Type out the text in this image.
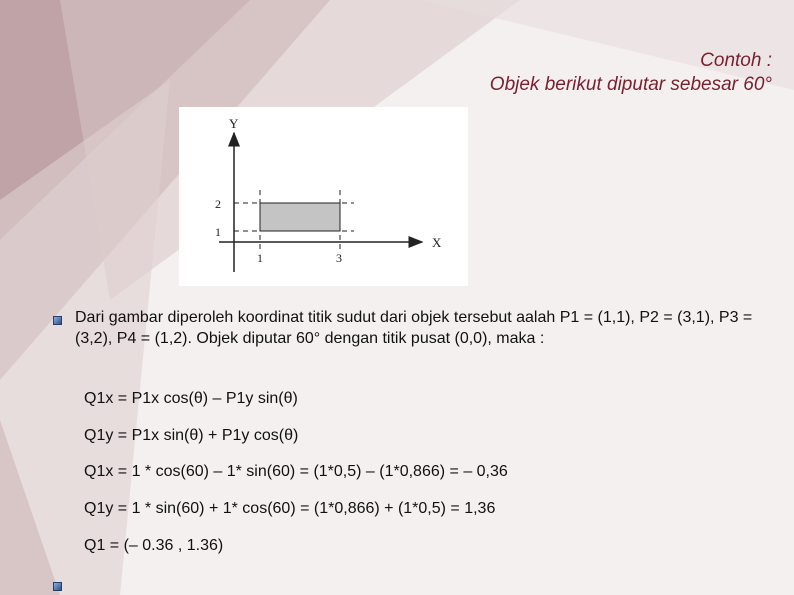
Contoh :
Objek berikut diputar sebesar 60°
Y
X
2
1
1	3
Dari gambar diperoleh koordinat titik sudut dari objek tersebut aalah P1 = (1,1), P2 = (3,1), P3 = (3,2), P4 = (1,2). Objek diputar 60° dengan titik pusat (0,0), maka :
Q1x = P1x cos(θ) – P1y sin(θ)
Q1y = P1x sin(θ) + P1y cos(θ)
Q1x = 1 * cos(60) – 1* sin(60) = (1*0,5) – (1*0,866) = – 0,36
Q1y = 1 * sin(60) + 1* cos(60) = (1*0,866) + (1*0,5) = 1,36
Q1 = (– 0.36 , 1.36)
